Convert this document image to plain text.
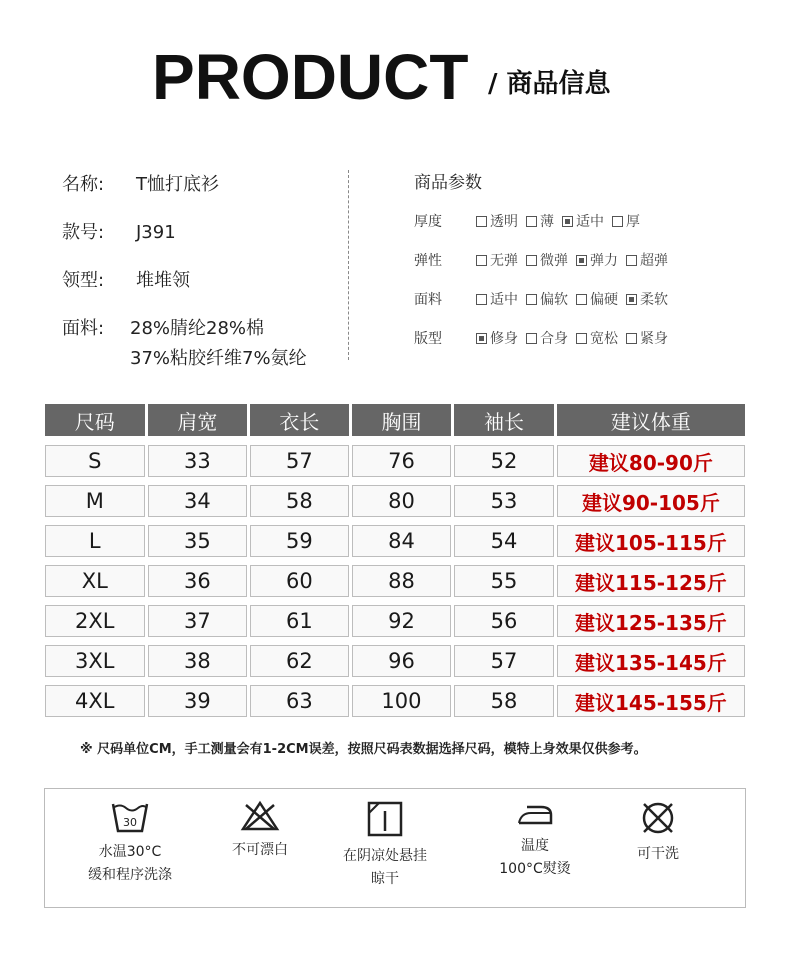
PRODUCT / 商品信息
名称:	T恤打底衫
款号:	J391
领型:	堆堆领
面料:	28%腈纶28%棉
37%粘胶纤维7%氨纶
商品参数
厚度	透明 薄 适中 厚
弹性	无弹 微弹 弹力 超弹
面料	适中 偏软 偏硬 柔软
版型	修身 合身 宽松 紧身
尺码	肩宽	衣长	胸围	袖长	建议体重
S	33	57	76	52	建议80-90斤
M	34	58	80	53	建议90-105斤
L	35	59	84	54	建议105-115斤
XL	36	60	88	55	建议115-125斤
2XL	37	61	92	56	建议125-135斤
3XL	38	62	96	57	建议135-145斤
4XL	39	63	100	58	建议145-155斤
※ 尺码单位CM，手工测量会有1-2CM误差，按照尺码表数据选择尺码，模特上身效果仅供参考。
30
水温30°C
缓和程序洗涤
不可漂白	在阴凉处悬挂
晾干
温度
100°C熨烫
可干洗
